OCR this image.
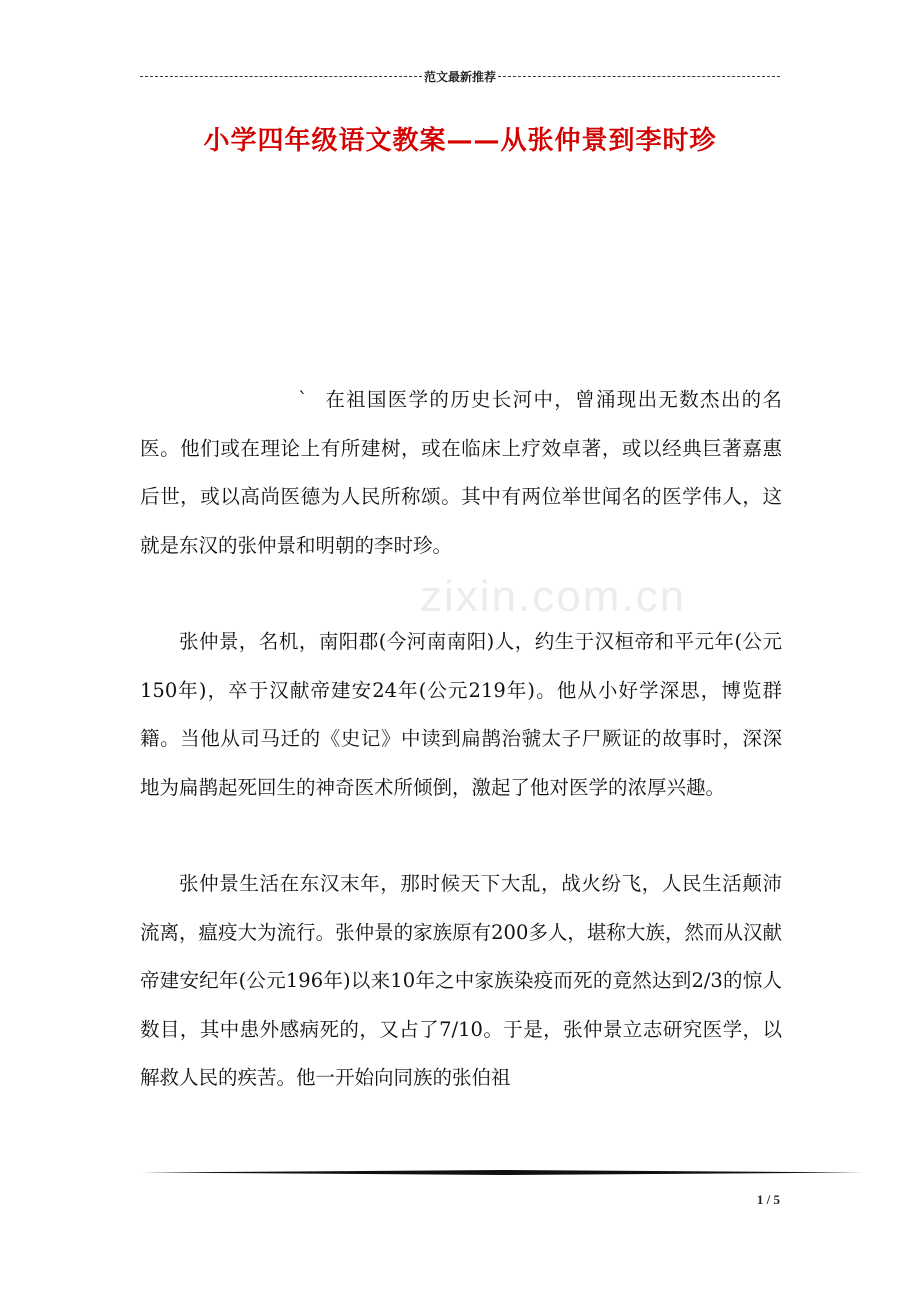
范文最新推荐
zixin.com.cn
小学四年级语文教案——从张仲景到李时珍

` 在祖国医学的历史长河中，曾涌现出无数杰出的名医。他们或在理论上有所建树，或在临床上疗效卓著，或以经典巨著嘉惠后世，或以高尚医德为人民所称颂。其中有两位举世闻名的医学伟人，这就是东汉的张仲景和明朝的李时珍。

张仲景，名机，南阳郡(今河南南阳)人，约生于汉桓帝和平元年(公元150年)，卒于汉献帝建安24年(公元219年)。他从小好学深思，博览群籍。当他从司马迁的《史记》中读到扁鹊治虢太子尸厥证的故事时，深深地为扁鹊起死回生的神奇医术所倾倒，激起了他对医学的浓厚兴趣。

张仲景生活在东汉末年，那时候天下大乱，战火纷飞，人民生活颠沛流离，瘟疫大为流行。张仲景的家族原有200多人，堪称大族，然而从汉献帝建安纪年(公元196年)以来10年之中家族染疫而死的竟然达到2/3的惊人数目，其中患外感病死的，又占了7/10。于是，张仲景立志研究医学，以解救人民的疾苦。他一开始向同族的张伯祖

1 / 5
